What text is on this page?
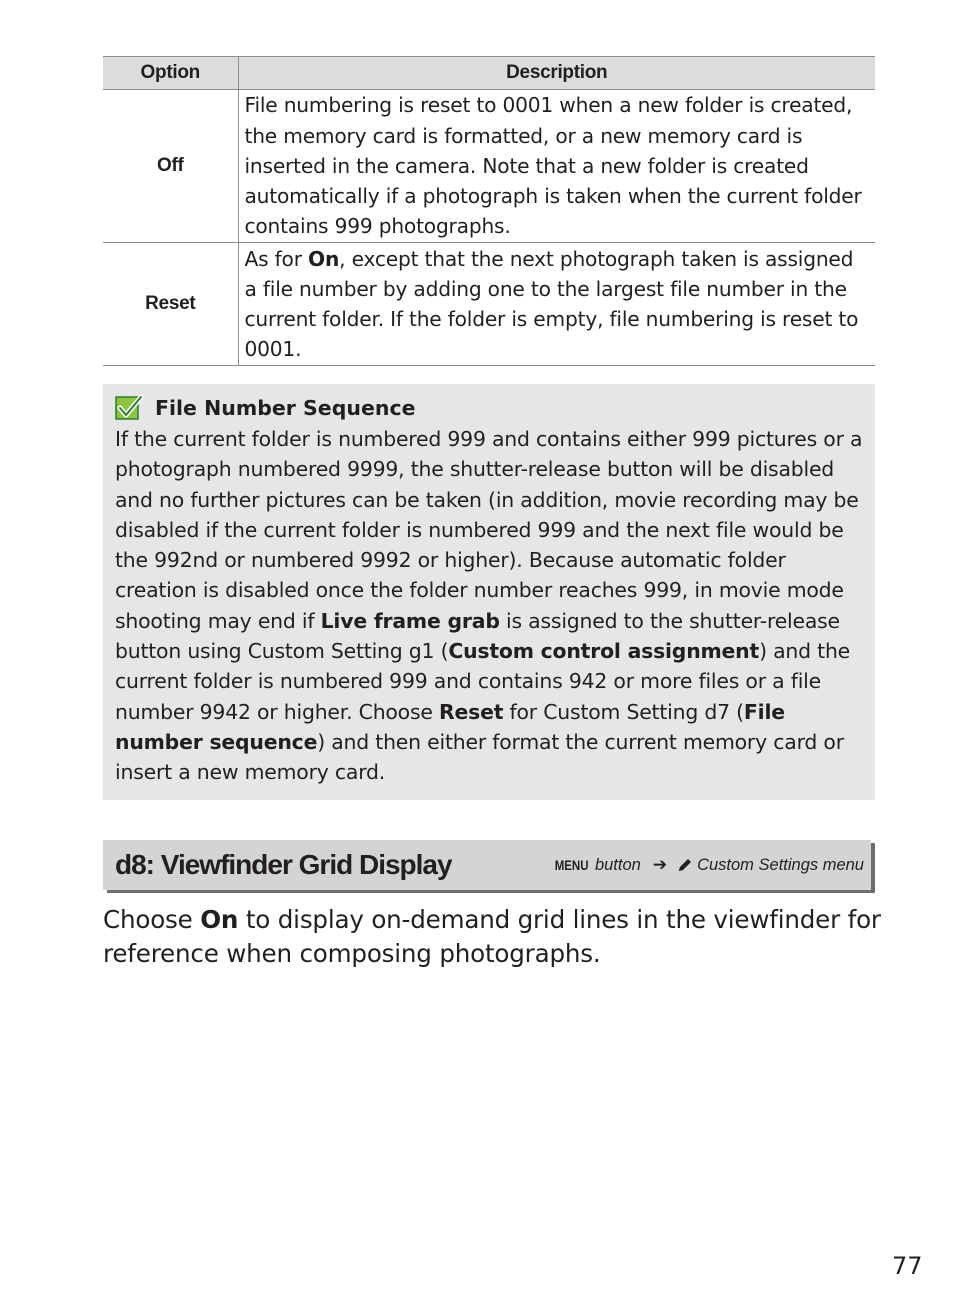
Option	Description
Off	File numbering is reset to 0001 when a new folder is created, the memory card is formatted, or a new memory card is inserted in the camera. Note that a new folder is created automatically if a photograph is taken when the current folder contains 999 photographs.
Reset	As for On, except that the next photograph taken is assigned a file number by adding one to the largest file number in the current folder. If the folder is empty, file numbering is reset to 0001.
File Number Sequence
If the current folder is numbered 999 and contains either 999 pictures or a photograph numbered 9999, the shutter-release button will be disabled and no further pictures can be taken (in addition, movie recording may be disabled if the current folder is numbered 999 and the next file would be the 992nd or numbered 9992 or higher). Because automatic folder creation is disabled once the folder number reaches 999, in movie mode shooting may end if Live frame grab is assigned to the shutter-release button using Custom Setting g1 (Custom control assignment) and the current folder is numbered 999 and contains 942 or more files or a file number 9942 or higher. Choose Reset for Custom Setting d7 (File number sequence) and then either format the current memory card or insert a new memory card.
d8: Viewfinder Grid Display	MENU button ➔ Custom Settings menu
Choose On to display on-demand grid lines in the viewfinder for reference when composing photographs.
77
